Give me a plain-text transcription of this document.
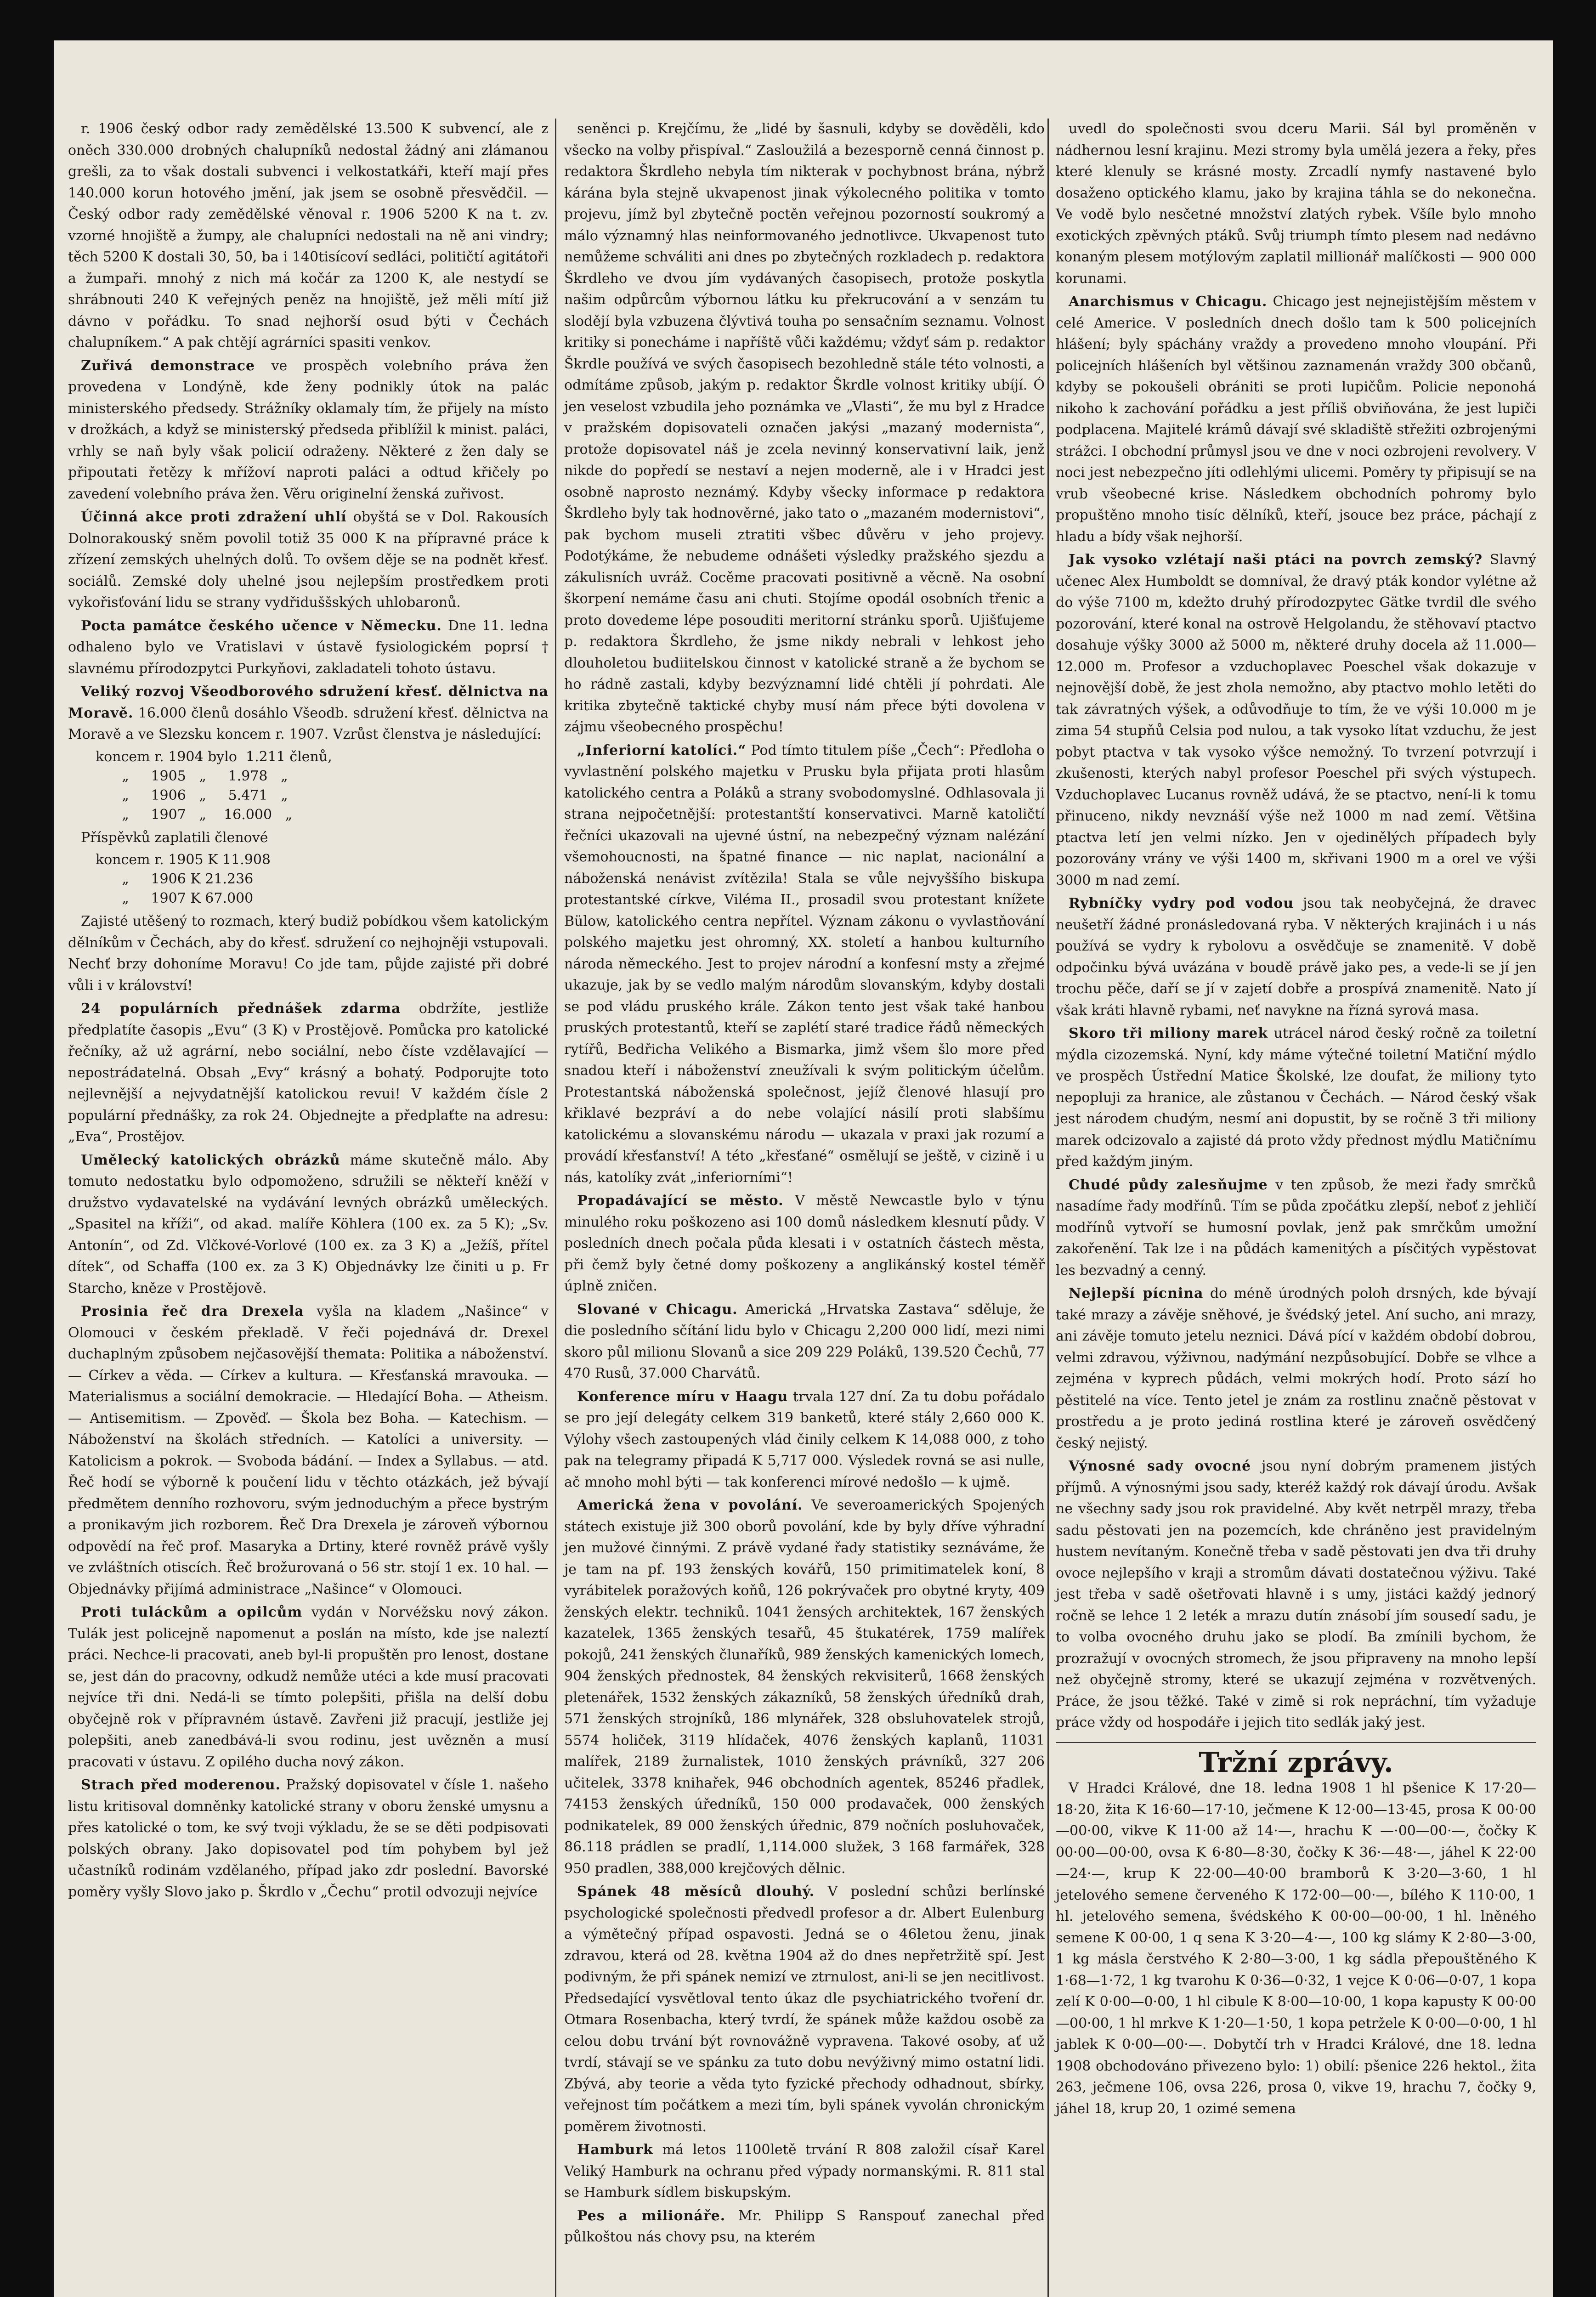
r. 1906 český odbor rady zemědělské 13.500 K subvencí, ale z oněch 330.000 drobných chalupníků nedostal žádný ani zlámanou grešli, za to však dostali subvenci i velkostatkáři, kteří mají přes 140.000 korun hotového jmění, jak jsem se osobně přesvědčil. — Český odbor rady zemědělské věnoval r. 1906 5200 K na t. zv. vzorné hnojiště a žumpy, ale chalupníci nedostali na ně ani vindry; těch 5200 K dostali 30, 50, ba i 140tisícoví sedláci, političtí agitátoři a žumpaři. mnohý z nich má kočár za 1200 K, ale nestydí se shrábnouti 240 K veřejných peněz na hnojiště, jež měli mítí již dávno v pořádku. To snad nejhorší osud býti v Čechách chalupníkem.“ A pak chtějí agrárníci spasiti venkov.

Zuřivá demonstrace ve prospěch volebního práva žen provedena v Londýně, kde ženy podnikly útok na palác ministerského předsedy. Strážníky oklamaly tím, že přijely na místo v drožkách, a když se ministerský předseda přiblížil k minist. paláci, vrhly se naň byly však policií odraženy. Některé z žen daly se připoutati řetězy k mřížoví naproti paláci a odtud křičely po zavedení volebního práva žen. Věru originelní ženská zuřivost.

Účinná akce proti zdražení uhlí obyštá se v Dol. Rakousích Dolnorakouský sněm povolil totiž 35 000 K na přípravné práce k zřízení zemských uhelných dolů. To ovšem děje se na podnět křesť. sociálů. Zemské doly uhelné jsou nejlepším prostředkem proti vykořisťování lidu se strany vydřiduššských uhlobaronů.

Pocta památce českého učence v Německu. Dne 11. ledna odhaleno bylo ve Vratislavi v ústavě fysiologickém poprsí † slavnému přírodozpytci Purkyňovi, zakladateli tohoto ústavu.

Veliký rozvoj Všeodborového sdružení křesť. dělnictva na Moravě. 16.000 členů dosáhlo Všeodb. sdružení křesť. dělnictva na Moravě a ve Slezsku koncem r. 1907. Vzrůst členstva je následující:

koncem r. 1904 bylo  1.211 členů,
„     1905   „     1.978   „
„     1906   „     5.471   „
„     1907   „    16.000   „

Příspěvků zaplatili členové

koncem r. 1905 K 11.908
„     1906 K 21.236
„     1907 K 67.000

Zajisté utěšený to rozmach, který budiž pobídkou všem katolickým dělníkům v Čechách, aby do křesť. sdružení co nejhojněji vstupovali. Nechť brzy dohoníme Moravu! Co jde tam, půjde zajisté při dobré vůli i v království!

24 populárních přednášek zdarma obdržíte, jestliže předplatíte časopis „Evu“ (3 K) v Prostějově. Pomůcka pro katolické řečníky, až už agrární, nebo sociální, nebo číste vzdělavající — nepostrádatelná. Obsah „Evy“ krásný a bohatý. Podporujte toto nejlevnější a nejvydatnější katolickou revui! V každém čísle 2 populární přednášky, za rok 24. Objednejte a předplaťte na adresu: „Eva“, Prostějov.

Umělecký katolických obrázků máme skutečně málo. Aby tomuto nedostatku bylo odpomoženo, sdružili se někteří kněží v družstvo vydavatelské na vydávání levných obrázků uměleckých. „Spasitel na kříži“, od akad. malíře Köhlera (100 ex. za 5 K); „Sv. Antonín“, od Zd. Vlčkové-Vorlové (100 ex. za 3 K) a „Ježíš, přítel dítek“, od Schaffa (100 ex. za 3 K) Objednávky lze činiti u p. Fr Starcho, kněze v Prostějově.

Prosinia řeč dra Drexela vyšla na kladem „Našince“ v Olomouci v českém překladě. V řeči pojednává dr. Drexel duchaplným způsobem nejčasovější themata: Politika a náboženství. — Církev a věda. — Církev a kultura. — Křesťanská mravouka. — Materialismus a sociální demokracie. — Hledající Boha. — Atheism. — Antisemitism. — Zpověď. — Škola bez Boha. — Katechism. — Náboženství na školách středních. — Katolíci a university. — Katolicism a pokrok. — Svoboda bádání. — Index a Syllabus. — atd. Řeč hodí se výborně k poučení lidu v těchto otázkách, jež bývají předmětem denního rozhovoru, svým jednoduchým a přece bystrým a pronikavým jich rozborem. Řeč Dra Drexela je zároveň výbornou odpovědí na řeč prof. Masaryka a Drtiny, které rovněž právě vyšly ve zvláštních otiscích. Řeč brožurovaná o 56 str. stojí 1 ex. 10 hal. — Objednávky přijímá administrace „Našince“ v Olomouci.

Proti tuláckům a opilcům vydán v Norvéžsku nový zákon. Tulák jest policejně napomenut a poslán na místo, kde jse naleztí práci. Nechce-li pracovati, aneb byl-li propuštěn pro lenost, dostane se, jest dán do pracovny, odkudž nemůže utéci a kde musí pracovati nejvíce tři dni. Nedá-li se tímto polepšiti, přišla na delší dobu obyčejně rok v přípravném ústavě. Zavřeni již pracují, jestliže jej polepšiti, aneb zanedbává-li svou rodinu, jest uvězněn a musí pracovati v ústavu. Z opilého ducha nový zákon.

Strach před moderenou. Pražský dopisovatel v čísle 1. našeho listu kritisoval domněnky katolické strany v oboru ženské umysnu a přes katolické o tom, ke svý tvoji výkladu, že se se děti podpisovati polských obrany. Jako dopisovatel pod tím pohybem byl jež učastníků rodinám vzdělaného, případ jako zdr poslední. Bavorské poměry vyšly Slovo jako p. Škrdlo v „Čechu“ protil odvozuji nejvíce

seněnci p. Krejčímu, že „lidé by šasnuli, kdyby se dověděli, kdo všecko na volby přispíval.“ Zasloužilá a bezesporně cenná činnost p. redaktora Škrdleho nebyla tím nikterak v pochybnost brána, nýbrž kárána byla stejně ukvapenost jinak výkolecného politika v tomto projevu, jímž byl zbytečně poctěn veřejnou pozorností soukromý a málo významný hlas neinformovaného jednotlivce. Ukvapenost tuto nemůžeme schváliti ani dnes po zbytečných rozkladech p. redaktora Škrdleho ve dvou jím vydávaných časopisech, protože poskytla našim odpůrcům výbornou látku ku překrucování a v senzám tu slodějí byla vzbuzena člývtivá touha po sensačním seznamu. Volnost kritiky si ponecháme i napříště vůči každému; vždyť sám p. redaktor Škrdle používá ve svých časopisech bezohledně stále této volnosti, a odmítáme způsob, jakým p. redaktor Škrdle volnost kritiky ubíjí. Ó jen veselost vzbudila jeho poznámka ve „Vlasti“, že mu byl z Hradce v pražském dopisovateli označen jakýsi „mazaný modernista“, protože dopisovatel náš je zcela nevinný konservativní laik, jenž nikde do popředí se nestaví a nejen moderně, ale i v Hradci jest osobně naprosto neznámý. Kdyby všecky informace p redaktora Škrdleho byly tak hodnověrné, jako tato o „mazaném modernistovi“, pak bychom museli ztratiti všbec důvěru v jeho projevy. Podotýkáme, že nebudeme odnášeti výsledky pražského sjezdu a zákulisních uvráž. Cocěme pracovati positivně a věcně. Na osobní škorpení nemáme času ani chuti. Stojíme opodál osobních třenic a proto dovedeme lépe posouditi meritorní stránku sporů. Ujišťujeme p. redaktora Škrdleho, že jsme nikdy nebrali v lehkost jeho dlouholetou budiitelskou činnost v katolické straně a že bychom se ho rádně zastali, kdyby bezvýznamní lidé chtěli jí pohrdati. Ale kritika zbytečně taktické chyby musí nám přece býti dovolena v zájmu všeobecného prospěchu!

„Inferiorní katolíci.“ Pod tímto titulem píše „Čech“: Předloha o vyvlastnění polského majetku v Prusku byla přijata proti hlasům katolického centra a Poláků a strany svobodomyslné. Odhlasovala ji strana nejpočetnější: protestantští konservativci. Marně katoličtí řečníci ukazovali na ujevné ústní, na nebezpečný význam nalézání všemohoucnosti, na špatné finance — nic naplat, nacionální a náboženská nenávist zvítězila! Stala se vůle nejvyššího biskupa protestantské církve, Viléma II., prosadil svou protestant knížete Bülow, katolického centra nepřítel. Význam zákonu o vyvlastňování polského majetku jest ohromný, XX. století a hanbou kulturního národa německého. Jest to projev národní a konfesní msty a zřejmé ukazuje, jak by se vedlo malým národům slovanským, kdyby dostali se pod vládu pruského krále. Zákon tento jest však také hanbou pruských protestantů, kteří se zaplétí staré tradice řádů německých rytířů, Bedřicha Velikého a Bismarka, jimž všem šlo more před snadou kteří i náboženství zneužívali k svým politickým účelům. Protestantská náboženská společnost, jejíž členové hlasují pro křiklavé bezpráví a do nebe volající násilí proti slabšímu katolickému a slovanskému národu — ukazala v praxi jak rozumí a provádí křesťanství! A této „křesťané“ osmělují se ještě, v cizině i u nás, katolíky zvát „inferiorními“!

Propadávající se město. V městě Newcastle bylo v týnu minulého roku poškozeno asi 100 domů následkem klesnutí půdy. V posledních dnech počala půda klesati i v ostatních částech města, při čemž byly četné domy poškozeny a anglikánský kostel téměř úplně zničen.

Slované v Chicagu. Americká „Hrvatska Zastava“ sděluje, že die posledního sčítání lidu bylo v Chicagu 2,200 000 lidí, mezi nimi skoro půl milionu Slovanů a sice 209 229 Poláků, 139.520 Čechů, 77 470 Rusů, 37.000 Charvátů.

Konference míru v Haagu trvala 127 dní. Za tu dobu pořádalo se pro její delegáty celkem 319 banketů, které stály 2,660 000 K. Výlohy všech zastoupených vlád činily celkem K 14,088 000, z toho pak na telegramy připadá K 5,717 000. Výsledek rovná se asi nulle, ač mnoho mohl býti — tak konferenci mírové nedošlo — k ujmě.

Americká žena v povolání. Ve severoamerických Spojených státech existuje již 300 oborů povolání, kde by byly dříve výhradní jen mužové činnými. Z právě vydané řady statistiky seznáváme, že je tam na pf. 193 ženských kovářů, 150 primitimatelek koní, 8 vyrábitelek poražových koňů, 126 pokrývaček pro obytné kryty, 409 ženských elektr. techniků. 1041 žensých architektek, 167 ženských kazatelek, 1365 ženských tesařů, 45 štukatérek, 1759 malířek pokojů, 241 ženských člunaříků, 989 ženských kamenických lomech, 904 ženských přednostek, 84 ženských rekvisiterů, 1668 ženských pletenářek, 1532 ženských zákazníků, 58 ženských úředníků drah, 571 ženských strojníků, 186 mlynářek, 328 obsluhovatelek strojů, 5574 holiček, 3119 hlídaček, 4076 ženských kaplanů, 11031 malířek, 2189 žurnalistek, 1010 ženských právníků, 327 206 učitelek, 3378 knihařek, 946 obchodních agentek, 85246 přadlek, 74153 ženských úředníků, 150 000 prodavaček, 000 ženských podnikatelek, 89 000 ženských úřednic, 879 nočních posluhovaček, 86.118 prádlen se pradlí, 1,114.000 služek, 3 168 farmářek, 328 950 pradlen, 388,000 krejčových dělnic.

Spánek 48 měsíců dlouhý. V poslední schůzi berlínské psychologické společnosti předvedl profesor a dr. Albert Eulenburg a výmětečný případ ospavosti. Jedná se o 46letou ženu, jinak zdravou, která od 28. května 1904 až do dnes nepřetržitě spí. Jest podivným, že při spánek nemizí ve ztrnulost, ani-li se jen necitlivost. Předsedající vysvětloval tento úkaz dle psychiatrického tvoření dr. Otmara Rosenbacha, který tvrdí, že spánek může každou osobě za celou dobu trvání být rovnovážně vypravena. Takové osoby, ať už tvrdí, stávají se ve spánku za tuto dobu nevýživný mimo ostatní lidi. Zbývá, aby teorie a věda tyto fyzické přechody odhadnout, sbírky, veřejnost tím počátkem a mezi tím, byli spánek vyvolán chronickým poměrem životnosti.

Hamburk má letos 1100letě trvání R 808 založil císař Karel Veliký Hamburk na ochranu před výpady normanskými. R. 811 stal se Hamburk sídlem biskupským.

Pes a milionáře. Mr. Philipp S Ranspouť zanechal před půlkoštou nás chovy psu, na kterém

uvedl do společnosti svou dceru Marii. Sál byl proměněn v nádhernou lesní krajinu. Mezi stromy byla umělá jezera a řeky, přes které klenuly se krásné mosty. Zrcadlí nymfy nastavené bylo dosaženo optického klamu, jako by krajina táhla se do nekonečna. Ve vodě bylo nesčetné množství zlatých rybek. Všíle bylo mnoho exotických zpěvných ptáků. Svůj triumph tímto plesem nad nedávno konaným plesem motýlovým zaplatil millionář malíčkosti — 900 000 korunami.

Anarchismus v Chicagu. Chicago jest nejnejistějším městem v celé Americe. V posledních dnech došlo tam k 500 policejních hlášení; byly spáchány vraždy a provedeno mnoho vloupání. Při policejních hlášeních byl většinou zaznamenán vraždy 300 občanů, kdyby se pokoušeli obrániti se proti lupičům. Policie neponohá nikoho k zachování pořádku a jest příliš obviňována, že jest lupiči podplacena. Majitelé krámů dávají své skladiště střežiti ozbrojenými strážci. I obchodní průmysl jsou ve dne v noci ozbrojeni revolvery. V noci jest nebezpečno jíti odlehlými ulicemi. Poměry ty připisují se na vrub všeobecné krise. Následkem obchodních pohromy bylo propuštěno mnoho tisíc dělníků, kteří, jsouce bez práce, páchají z hladu a bídy však nejhorší.

Jak vysoko vzlétají naši ptáci na povrch zemský? Slavný učenec Alex Humboldt se domníval, že dravý pták kondor vylétne až do výše 7100 m, kdežto druhý přírodozpytec Gätke tvrdil dle svého pozorování, které konal na ostrově Helgolandu, že stěhovaví ptactvo dosahuje výšky 3000 až 5000 m, některé druhy docela až 11.000—12.000 m. Profesor a vzduchoplavec Poeschel však dokazuje v nejnovější době, že jest zhola nemožno, aby ptactvo mohlo letěti do tak závratných výšek, a odůvodňuje to tím, že ve výši 10.000 m je zima 54 stupňů Celsia pod nulou, a tak vysoko lítat vzduchu, že jest pobyt ptactva v tak vysoko výšce nemožný. To tvrzení potvrzují i zkušenosti, kterých nabyl profesor Poeschel při svých výstupech. Vzduchoplavec Lucanus rovněž udává, že se ptactvo, není-li k tomu přinuceno, nikdy nevznáší výše než 1000 m nad zemí. Většina ptactva letí jen velmi nízko. Jen v ojedinělých případech byly pozorovány vrány ve výši 1400 m, skřivani 1900 m a orel ve výši 3000 m nad zemí.

Rybníčky vydry pod vodou jsou tak neobyčejná, že dravec neušetří žádné pronásledovaná ryba. V některých krajinách i u nás používá se vydry k rybolovu a osvědčuje se znamenitě. V době odpočinku bývá uvázána v boudě právě jako pes, a vede-li se jí jen trochu pěče, daří se jí v zajetí dobře a prospívá znamenitě. Nato jí však kráti hlavně rybami, neť navykne na řízná syrová masa.

Skoro tři miliony marek utrácel národ český ročně za toiletní mýdla cizozemská. Nyní, kdy máme výtečné toiletní Matiční mýdlo ve prospěch Ústřední Matice Školské, lze doufat, že miliony tyto nepopluji za hranice, ale zůstanou v Čechách. — Národ český však jest národem chudým, nesmí ani dopustit, by se ročně 3 tři miliony marek odcizovalo a zajisté dá proto vždy přednost mýdlu Matičnímu před každým jiným.

Chudé půdy zalesňujme v ten způsob, že mezi řady smrčků nasadíme řady modřínů. Tím se půda zpočátku zlepší, neboť z jehličí modřínů vytvoří se humosní povlak, jenž pak smrčkům umožní zakořenění. Tak lze i na půdách kamenitých a písčitých vypěstovat les bezvadný a cenný.

Nejlepší pícnina do méně úrodných poloh drsných, kde bývají také mrazy a závěje sněhové, je švédský jetel. Aní sucho, ani mrazy, ani závěje tomuto jetelu neznici. Dává pící v každém období dobrou, velmi zdravou, výživnou, nadýmání nezpůsobující. Dobře se vlhce a zejména v kyprech půdách, velmi mokrých hodí. Proto sází ho pěstitelé na více. Tento jetel je znám za rostlinu značně pěstovat v prostředu a je proto jediná rostlina které je zároveň osvědčený český nejistý.

Výnosné sady ovocné jsou nyní dobrým pramenem jistých příjmů. A výnosnými jsou sady, kteréž každý rok dávají úrodu. Avšak ne všechny sady jsou rok pravidelné. Aby květ netrpěl mrazy, třeba sadu pěstovati jen na pozemcích, kde chráněno jest pravidelným hustem nevítaným. Konečně třeba v sadě pěstovati jen dva tři druhy ovoce nejlepšího v kraji a stromům dávati dostatečnou výživu. Také jest třeba v sadě ošetřovati hlavně i s umy, jistáci každý jednorý ročně se lehce 1 2 leték a mrazu dutín znásobí jím sousedí sadu, je to volba ovocného druhu jako se plodí. Ba zmínili bychom, že prozražují v ovocných stromech, že jsou připraveny na mnoho lepší než obyčejně stromy, které se ukazují zejména v rozvětvených. Práce, že jsou těžké. Také v zimě si rok nepráchní, tím vyžaduje práce vždy od hospodáře i jejich tito sedlák jaký jest.

Tržní zprávy.

V Hradci Králové, dne 18. ledna 1908 1 hl pšenice K 17·20—18·20, žita K 16·60—17·10, ječmene K 12·00—13·45, prosa K 00·00—00·00, vikve K 11·00 až 14·—, hrachu K —·00—00·—, čočky K 00·00—00·00, ovsa K 6·80—8·30, čočky K 36·—48·—, jáhel K 22·00—24·—, krup K 22·00—40·00 bramborů K 3·20—3·60, 1 hl jetelového semene červeného K 172·00—00·—, bílého K 110·00, 1 hl. jetelového semena, švédského K 00·00—00·00, 1 hl. lněného semene K 00·00, 1 q sena K 3·20—4·—, 100 kg slámy K 2·80—3·00, 1 kg másla čerstvého K 2·80—3·00, 1 kg sádla přepouštěného K 1·68—1·72, 1 kg tvarohu K 0·36—0·32, 1 vejce K 0·06—0·07, 1 kopa zelí K 0·00—0·00, 1 hl cibule K 8·00—10·00, 1 kopa kapusty K 00·00—00·00, 1 hl mrkve K 1·20—1·50, 1 kopa petržele K 0·00—0·00, 1 hl jablek K 0·00—00·—. Dobytčí trh v Hradci Králové, dne 18. ledna 1908 obchodováno přivezeno bylo: 1) obilí: pšenice 226 hektol., žita 263, ječmene 106, ovsa 226, prosa 0, vikve 19, hrachu 7, čočky 9, jáhel 18, krup 20, 1 ozimé semena
